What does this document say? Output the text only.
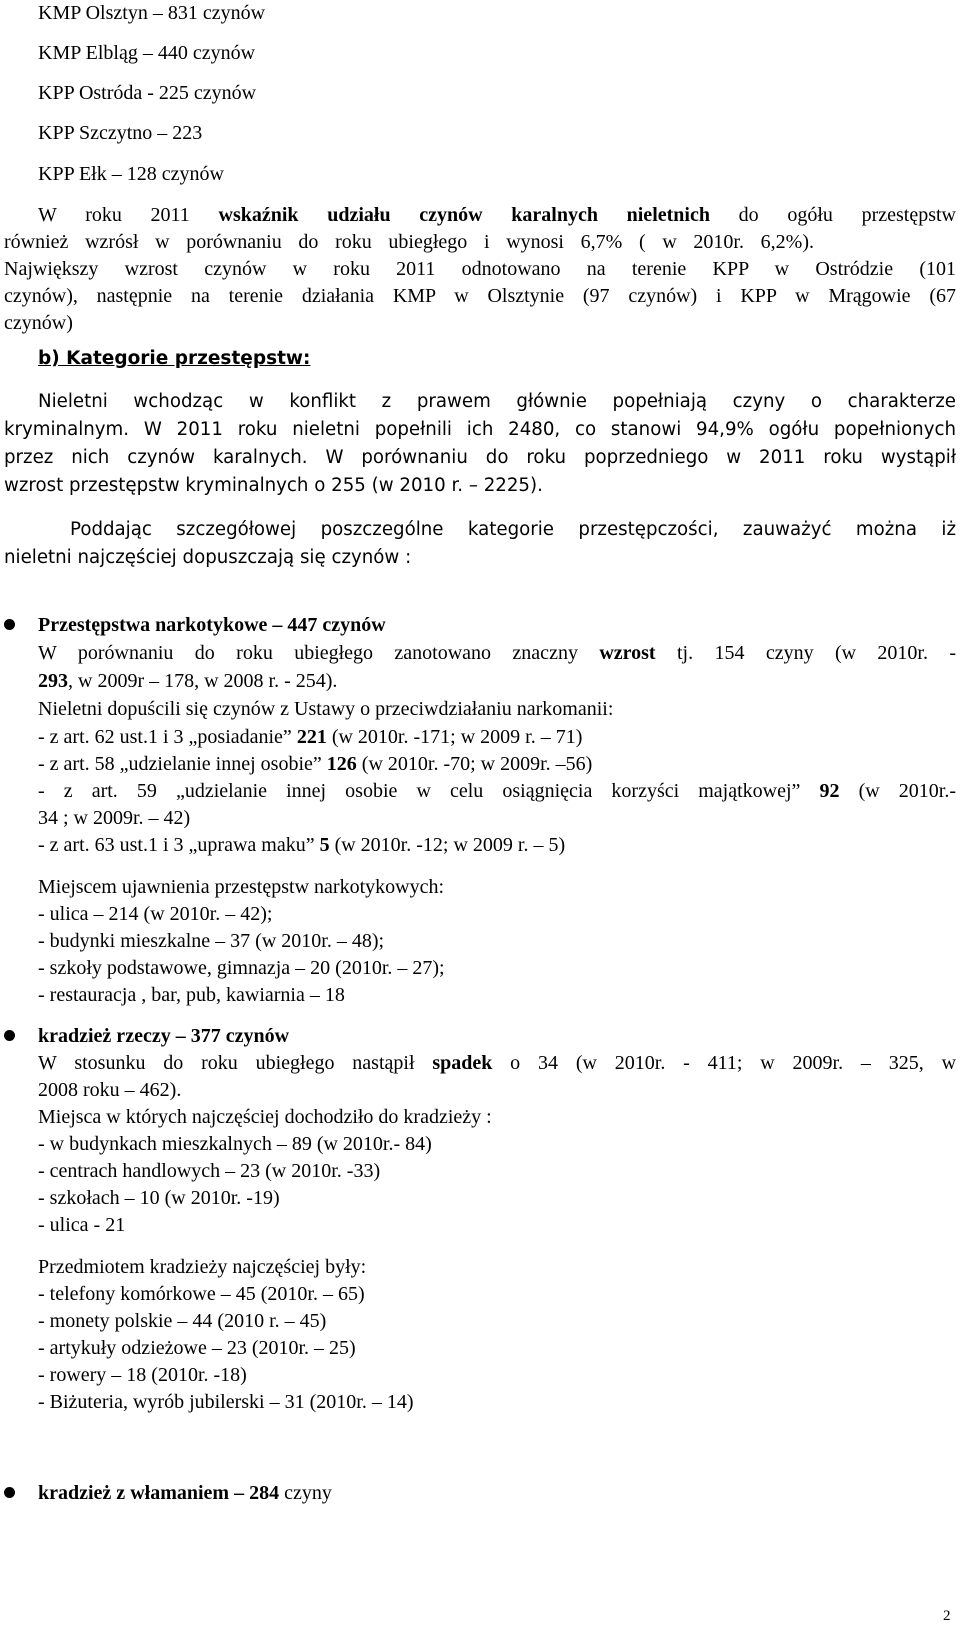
KMP Olsztyn – 831 czynów
KMP Elbląg – 440 czynów
KPP Ostróda - 225 czynów
KPP Szczytno – 223
KPP Ełk – 128 czynów
W roku 2011 wskaźnik udziału czynów karalnych nieletnich do ogółu przestępstw
również wzrósł w porównaniu do roku ubiegłego i wynosi 6,7% ( w 2010r. 6,2%).
Największy wzrost czynów w roku 2011 odnotowano na terenie KPP w Ostródzie (101
czynów), następnie na terenie działania KMP w Olsztynie (97 czynów) i KPP w Mrągowie (67
czynów)
b) Kategorie przestępstw:
Nieletni wchodząc w konflikt z prawem głównie popełniają czyny o charakterze
kryminalnym. W 2011 roku nieletni popełnili ich 2480, co stanowi 94,9% ogółu popełnionych
przez nich czynów karalnych. W porównaniu do roku poprzedniego w 2011 roku wystąpił
wzrost przestępstw kryminalnych o 255 (w 2010 r. – 2225).
Poddając szczegółowej poszczególne kategorie przestępczości, zauważyć można iż
nieletni najczęściej dopuszczają się czynów :
Przestępstwa narkotykowe – 447 czynów
W porównaniu do roku ubiegłego zanotowano znaczny wzrost tj. 154 czyny (w 2010r. -
293, w 2009r – 178, w 2008 r. - 254).
Nieletni dopuścili się czynów z Ustawy o przeciwdziałaniu narkomanii:
- z art. 62 ust.1 i 3 „posiadanie” 221 (w 2010r. -171; w 2009 r. – 71)
- z art. 58 „udzielanie innej osobie” 126 (w 2010r. -70; w 2009r. –56)
- z art. 59 „udzielanie innej osobie w celu osiągnięcia korzyści majątkowej” 92 (w 2010r.-
34 ; w 2009r. – 42)
- z art. 63 ust.1 i 3 „uprawa maku” 5 (w 2010r. -12; w 2009 r. – 5)
Miejscem ujawnienia przestępstw narkotykowych:
- ulica – 214 (w 2010r. – 42);
- budynki mieszkalne – 37 (w 2010r. – 48);
- szkoły podstawowe, gimnazja – 20 (2010r. – 27);
- restauracja , bar, pub, kawiarnia – 18
kradzież rzeczy – 377 czynów
W stosunku do roku ubiegłego nastąpił spadek o 34 (w 2010r. - 411; w 2009r. – 325, w
2008 roku – 462).
Miejsca w których najczęściej dochodziło do kradzieży :
- w budynkach mieszkalnych – 89 (w 2010r.- 84)
- centrach handlowych – 23 (w 2010r. -33)
- szkołach – 10 (w 2010r. -19)
- ulica - 21
Przedmiotem kradzieży najczęściej były:
- telefony komórkowe – 45 (2010r. – 65)
- monety polskie – 44 (2010 r. – 45)
- artykuły odzieżowe – 23 (2010r. – 25)
- rowery – 18 (2010r. -18)
- Biżuteria, wyrób jubilerski – 31 (2010r. – 14)
kradzież z włamaniem – 284 czyny
2
